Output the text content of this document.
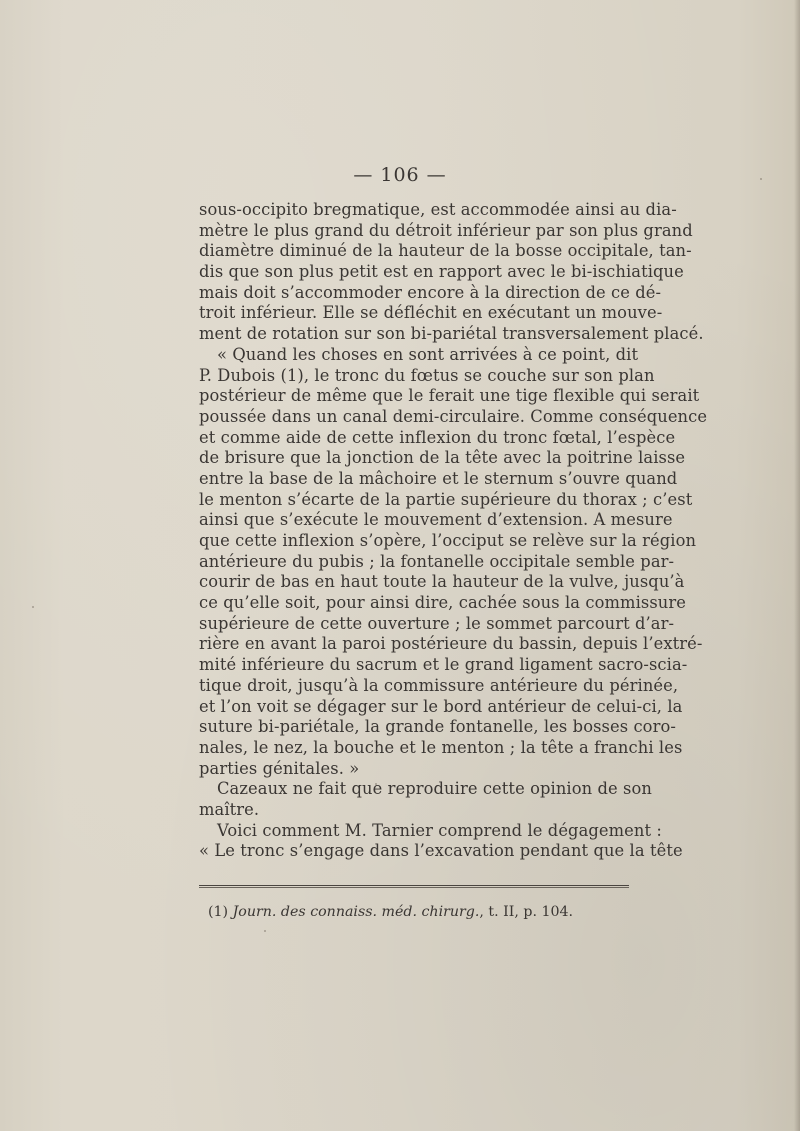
— 106 —
sous-occipito bregmatique, est accommodée ainsi au dia-
mètre le plus grand du détroit inférieur par son plus grand
diamètre diminué de la hauteur de la bosse occipitale, tan-
dis que son plus petit est en rapport avec le bi-ischiatique
mais doit s’accommoder encore à la direction de ce dé-
troit inférieur. Elle se défléchit en exécutant un mouve-
ment de rotation sur son bi-pariétal transversalement placé.
« Quand les choses en sont arrivées à ce point, dit
P. Dubois (1), le tronc du fœtus se couche sur son plan
postérieur de même que le ferait une tige flexible qui serait
poussée dans un canal demi-circulaire. Comme conséquence
et comme aide de cette inflexion du tronc fœtal, l’espèce
de brisure que la jonction de la tête avec la poitrine laisse
entre la base de la mâchoire et le sternum s’ouvre quand
le menton s’écarte de la partie supérieure du thorax ; c’est
ainsi que s’exécute le mouvement d’extension. A mesure
que cette inflexion s’opère, l’occiput se relève sur la région
antérieure du pubis ; la fontanelle occipitale semble par-
courir de bas en haut toute la hauteur de la vulve, jusqu’à
ce qu’elle soit, pour ainsi dire, cachée sous la commissure
supérieure de cette ouverture ; le sommet parcourt d’ar-
rière en avant la paroi postérieure du bassin, depuis l’extré-
mité inférieure du sacrum et le grand ligament sacro-scia-
tique droit, jusqu’à la commissure antérieure du périnée,
et l’on voit se dégager sur le bord antérieur de celui-ci, la
suture bi-pariétale, la grande fontanelle, les bosses coro-
nales, le nez, la bouche et le menton ; la tête a franchi les
parties génitales. »
Cazeaux ne fait que reproduire cette opinion de son
maître.
Voici comment M. Tarnier comprend le dégagement :
« Le tronc s’engage dans l’excavation pendant que la tête
(1) Journ. des connaiss. méd. chirurg., t. II, p. 104.
